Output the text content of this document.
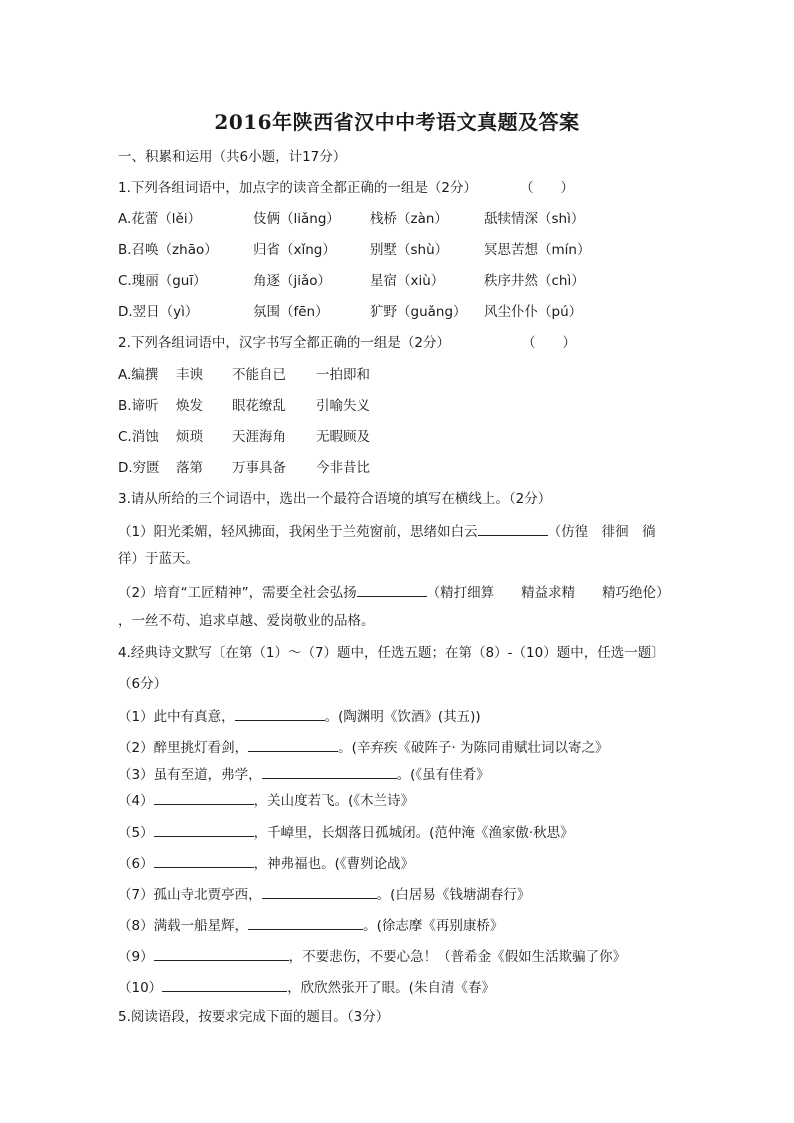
2016年陕西省汉中中考语文真题及答案
一、积累和运用（共6小题，计17分）
1.下列各组词语中，加点字的读音全都正确的一组是（2分）	（　　）
A.花蕾（lěi）	伎俩（liǎng） 栈桥（zàn）	舐犊情深（shì）
B.召唤（zhāo）	归省（xǐng）	别墅（shù）	冥思苦想（mín）
C.瑰丽（guī）	角逐（jiǎo）	星宿（xiù）	秩序井然（chì）
D.翌日（yì）	氛围（fēn）	犷野（guǎng） 风尘仆仆（pú）
2.下列各组词语中，汉字书写全都正确的一组是（2分）	（　　）
A.编撰 丰谀 不能自已 一拍即和
B.谛听 焕发 眼花缭乱 引喻失义
C.消蚀 烦琐 天涯海角 无暇顾及
D.穷匮 落第 万事具备 今非昔比
3.请从所给的三个词语中，选出一个最符合语境的填写在横线上。（2分）
（1）阳光柔媚，轻风拂面，我闲坐于兰苑窗前，思绪如白云	（仿徨　徘徊　徜
徉）于蓝天。
（2）培育“工匠精神”，需要全社会弘扬	（精打细算　　精益求精　　精巧绝伦）
，一丝不苟、追求卓越、爱岗敬业的品格。
4.经典诗文默写〔在第（1）～（7）题中，任选五题；在第（8）-（10）题中，任选一题〕
（6分）
（1）此中有真意，	。(陶渊明《饮酒》(其五))
（2）醉里挑灯看剑，	。(辛弃疾《破阵子· 为陈同甫赋壮词以寄之》
（3）虽有至道，弗学，	。(《虽有佳肴》
（4）	，关山度若飞。(《木兰诗》
（5）	，千嶂里，长烟落日孤城闭。(范仲淹《渔家傲·秋思》
（6）	，神弗福也。(《曹刿论战》
（7）孤山寺北贾亭西，	。(白居易《钱塘湖春行》
（8）满载一船星辉，	。(徐志摩《再别康桥》
（9）	，不要悲伤，不要心急！（普希金《假如生活欺骗了你》
（10）	，欣欣然张开了眼。(朱自清《春》
5.阅读语段，按要求完成下面的题目。（3分）
